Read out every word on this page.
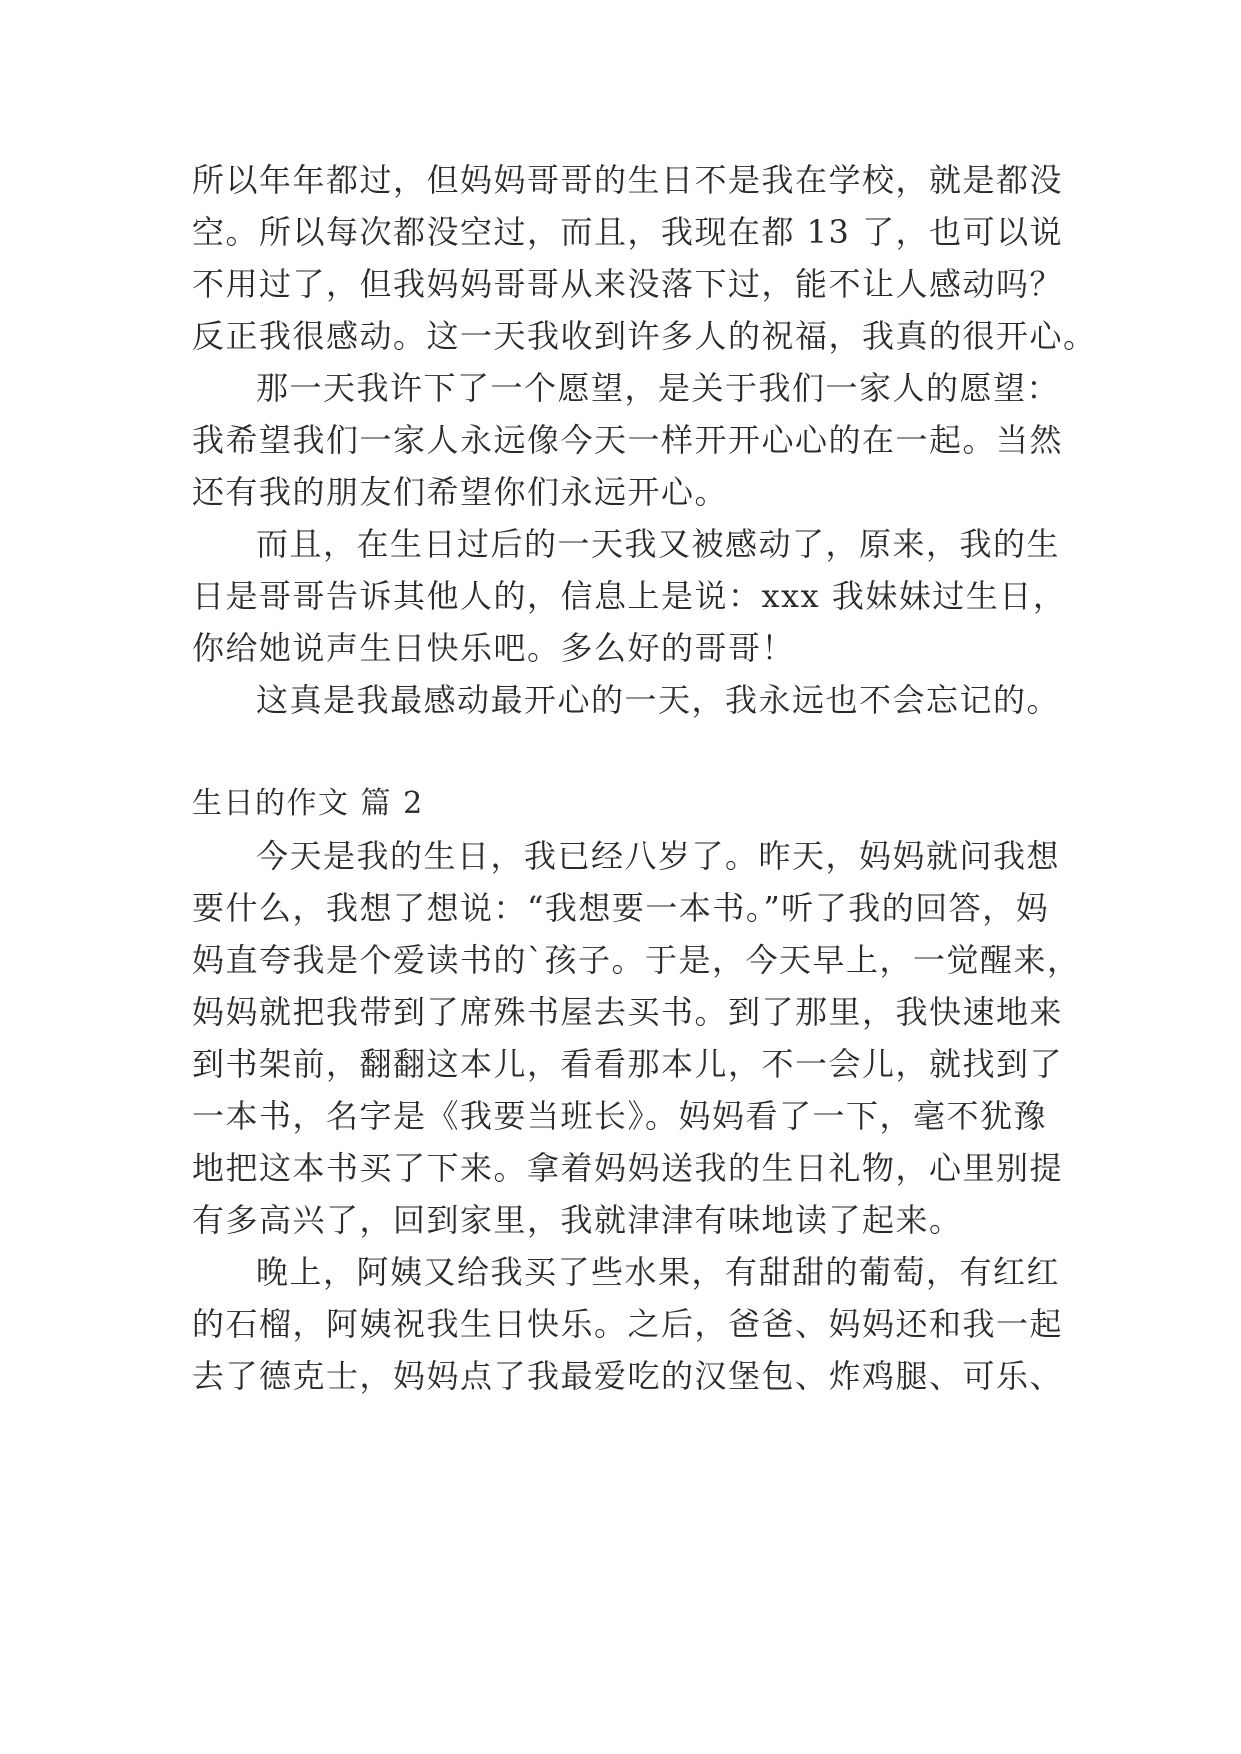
所以年年都过，但妈妈哥哥的生日不是我在学校，就是都没
空。所以每次都没空过，而且，我现在都 13 了，也可以说
不用过了，但我妈妈哥哥从来没落下过，能不让人感动吗？
反正我很感动。这一天我收到许多人的祝福，我真的很开心。
那一天我许下了一个愿望，是关于我们一家人的愿望：
我希望我们一家人永远像今天一样开开心心的在一起。当然
还有我的朋友们希望你们永远开心。
而且，在生日过后的一天我又被感动了，原来，我的生
日是哥哥告诉其他人的，信息上是说：xxx 我妹妹过生日，
你给她说声生日快乐吧。多么好的哥哥！
这真是我最感动最开心的一天，我永远也不会忘记的。
生日的作文 篇 2
今天是我的生日，我已经八岁了。昨天，妈妈就问我想
要什么，我想了想说：“我想要一本书。”听了我的回答，妈
妈直夸我是个爱读书的`孩子。于是，今天早上，一觉醒来，
妈妈就把我带到了席殊书屋去买书。到了那里，我快速地来
到书架前，翻翻这本儿，看看那本儿，不一会儿，就找到了
一本书，名字是《我要当班长》。妈妈看了一下，毫不犹豫
地把这本书买了下来。拿着妈妈送我的生日礼物，心里别提
有多高兴了，回到家里，我就津津有味地读了起来。
晚上，阿姨又给我买了些水果，有甜甜的葡萄，有红红
的石榴，阿姨祝我生日快乐。之后，爸爸、妈妈还和我一起
去了德克士，妈妈点了我最爱吃的汉堡包、炸鸡腿、可乐、
